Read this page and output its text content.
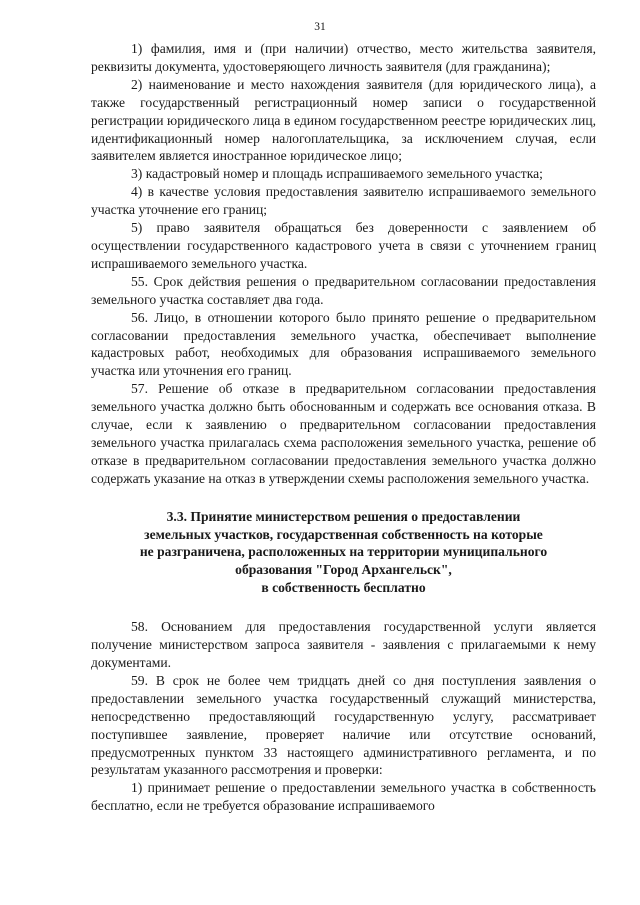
31

1) фамилия, имя и (при наличии) отчество, место жительства заявителя, реквизиты документа, удостоверяющего личность заявителя (для гражданина);

2) наименование и место нахождения заявителя (для юридического лица), а также государственный регистрационный номер записи о государственной регистрации юридического лица в едином государственном реестре юридических лиц, идентификационный номер налогоплательщика, за исключением случая, если заявителем является иностранное юридическое лицо;

3) кадастровый номер и площадь испрашиваемого земельного участка;

4) в качестве условия предоставления заявителю испрашиваемого земельного участка уточнение его границ;

5) право заявителя обращаться без доверенности с заявлением об осуществлении государственного кадастрового учета в связи с уточнением границ испрашиваемого земельного участка.

55. Срок действия решения о предварительном согласовании предоставления земельного участка составляет два года.

56. Лицо, в отношении которого было принято решение о предварительном согласовании предоставления земельного участка, обеспечивает выполнение кадастровых работ, необходимых для образования испрашиваемого земельного участка или уточнения его границ.

57. Решение об отказе в предварительном согласовании предоставления земельного участка должно быть обоснованным и содержать все основания отказа. В случае, если к заявлению о предварительном согласовании предоставления земельного участка прилагалась схема расположения земельного участка, решение об отказе в предварительном согласовании предоставления земельного участка должно содержать указание на отказ в утверждении схемы расположения земельного участка.

3.3. Принятие министерством решения о предоставлении
земельных участков, государственная собственность на которые
не разграничена, расположенных на территории муниципального
образования "Город Архангельск",
в собственность бесплатно

58. Основанием для предоставления государственной услуги является получение министерством запроса заявителя - заявления с прилагаемыми к нему документами.

59. В срок не более чем тридцать дней со дня поступления заявления о предоставлении земельного участка государственный служащий министерства, непосредственно предоставляющий государственную услугу, рассматривает поступившее заявление, проверяет наличие или отсутствие оснований, предусмотренных пунктом 33 настоящего административного регламента, и по результатам указанного рассмотрения и проверки:

1) принимает решение о предоставлении земельного участка в собственность бесплатно, если не требуется образование испрашиваемого
